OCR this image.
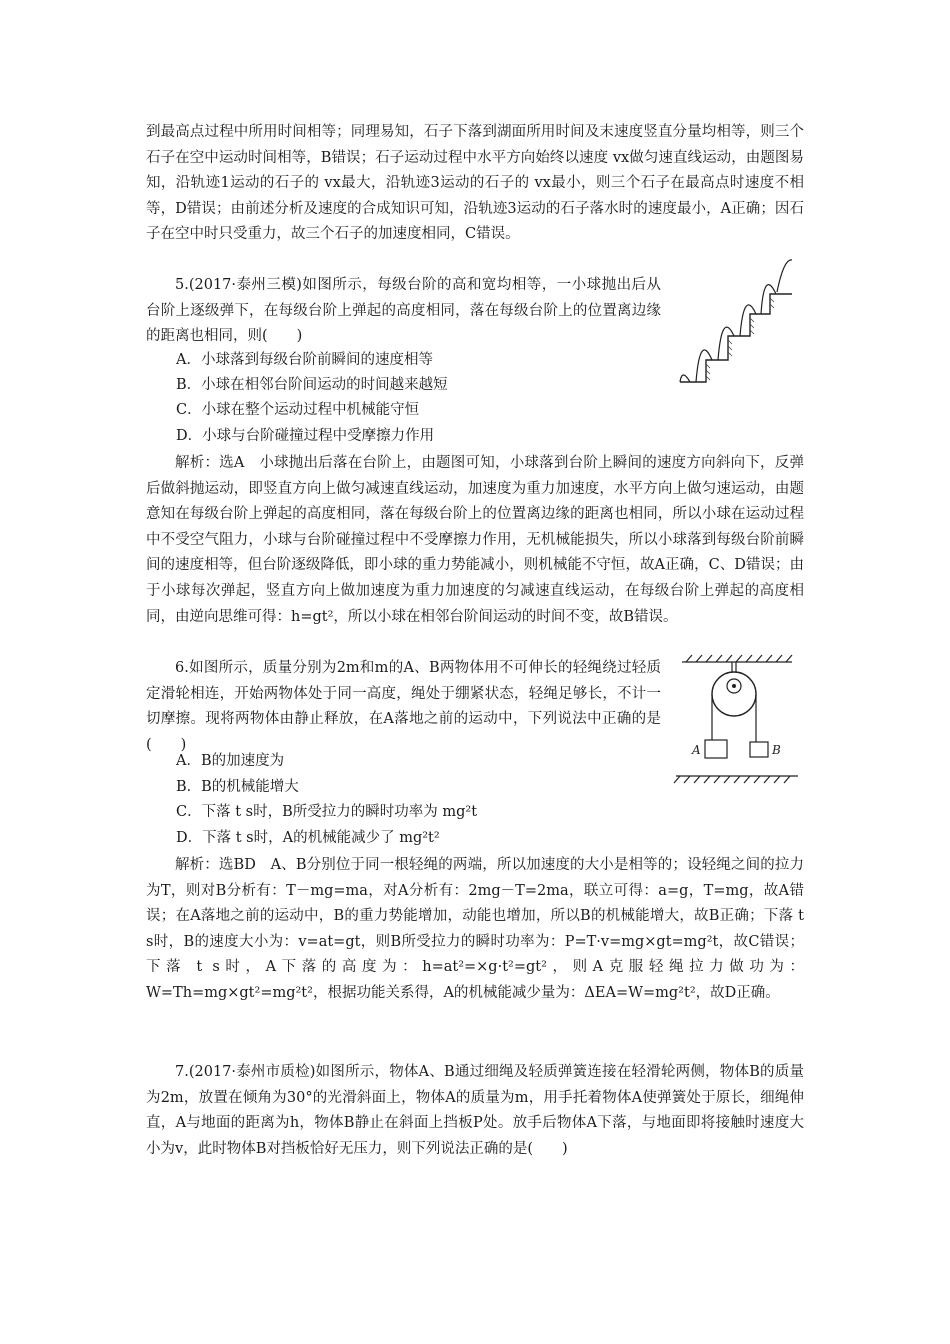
到最高点过程中所用时间相等；同理易知，石子下落到湖面所用时间及末速度竖直分量均相等，则三个石子在空中运动时间相等，B错误；石子运动过程中水平方向始终以速度 vx做匀速直线运动，由题图易知，沿轨迹1运动的石子的 vx最大，沿轨迹3运动的石子的 vx最小，则三个石子在最高点时速度不相等，D错误；由前述分析及速度的合成知识可知，沿轨迹3运动的石子落水时的速度最小，A正确；因石子在空中时只受重力，故三个石子的加速度相同，C错误。
5.(2017·泰州三模)如图所示，每级台阶的高和宽均相等，一小球抛出后从台阶上逐级弹下，在每级台阶上弹起的高度相同，落在每级台阶上的位置离边缘的距离也相同，则(　　)
A．小球落到每级台阶前瞬间的速度相等
B．小球在相邻台阶间运动的时间越来越短
C．小球在整个运动过程中机械能守恒
D．小球与台阶碰撞过程中受摩擦力作用
解析：选A　小球抛出后落在台阶上，由题图可知，小球落到台阶上瞬间的速度方向斜向下，反弹后做斜抛运动，即竖直方向上做匀减速直线运动，加速度为重力加速度，水平方向上做匀速运动，由题意知在每级台阶上弹起的高度相同，落在每级台阶上的位置离边缘的距离也相同，所以小球在运动过程中不受空气阻力，小球与台阶碰撞过程中不受摩擦力作用，无机械能损失，所以小球落到每级台阶前瞬间的速度相等，但台阶逐级降低，即小球的重力势能减小，则机械能不守恒，故A正确，C、D错误；由于小球每次弹起，竖直方向上做加速度为重力加速度的匀减速直线运动，在每级台阶上弹起的高度相同，由逆向思维可得：h=gt²，所以小球在相邻台阶间运动的时间不变，故B错误。
6.如图所示，质量分别为2m和m的A、B两物体用不可伸长的轻绳绕过轻质定滑轮相连，开始两物体处于同一高度，绳处于绷紧状态，轻绳足够长，不计一切摩擦。现将两物体由静止释放，在A落地之前的运动中，下列说法中正确的是(　　)
A．B的加速度为
B．B的机械能增大
C．下落 t s时，B所受拉力的瞬时功率为 mg²t
D．下落 t s时，A的机械能减少了 mg²t²
A	B
解析：选BD　A、B分别位于同一根轻绳的两端，所以加速度的大小是相等的；设轻绳之间的拉力为T，则对B分析有：T－mg=ma，对A分析有：2mg－T=2ma，联立可得：a=g，T=mg，故A错误；在A落地之前的运动中，B的重力势能增加，动能也增加，所以B的机械能增大，故B正确；下落 t s时，B的速度大小为：v=at=gt，则B所受拉力的瞬时功率为：P=T·v=mg×gt=mg²t，故C错误；下落 t s时，A下落的高度为：h=at²=×g·t²=gt²，则A克服轻绳拉力做功为：W=Th=mg×gt²=mg²t²，根据功能关系得，A的机械能减少量为：ΔEA=W=mg²t²，故D正确。
7.(2017·泰州市质检)如图所示，物体A、B通过细绳及轻质弹簧连接在轻滑轮两侧，物体B的质量为2m，放置在倾角为30°的光滑斜面上，物体A的质量为m，用手托着物体A使弹簧处于原长，细绳伸直，A与地面的距离为h，物体B静止在斜面上挡板P处。放手后物体A下落，与地面即将接触时速度大小为v，此时物体B对挡板恰好无压力，则下列说法正确的是(　　)
